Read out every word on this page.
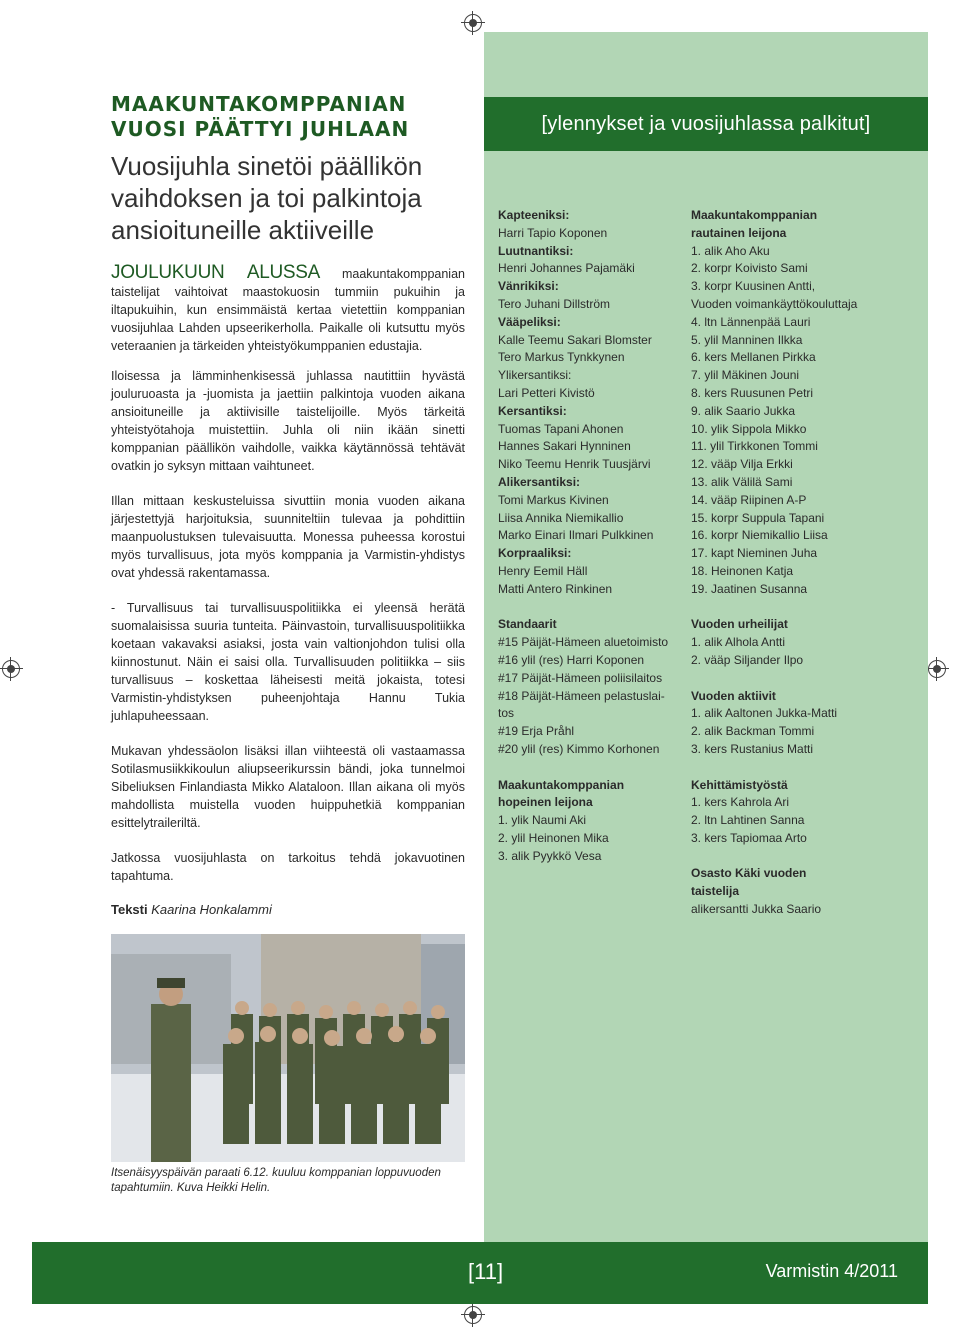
[ylennykset ja vuosijuhlassa palkitut]

MAAKUNTAKOMPPANIAN

VUOSI PÄÄTTYI JUHLAAN

Vuosijuhla sinetöi päällikön vaihdoksen ja toi palkintoja ansioituneille aktiiveille

JOULUKUUN ALUSSA maakuntakomppanian taistelijat vaihtoivat maastokuosin tummiin pukuihin ja iltapukuihin, kun ensimmäistä kertaa vietettiin komppanian vuosijuhlaa Lahden upseerikerholla. Paikalle oli kutsuttu myös veteraanien ja tärkeiden yhteistyökumppanien edustajia.

Iloisessa ja lämminhenkisessä juhlassa nautittiin hyvästä jouluruoasta ja -juomista ja jaettiin palkintoja vuoden aikana ansioituneille ja aktiivisille taistelijoille. Myös tärkeitä yhteistyötahoja muistettiin. Juhla oli niin ikään sinetti komppanian päällikön vaihdolle, vaikka käytännössä tehtävät ovatkin jo syksyn mittaan vaihtuneet.

Illan mittaan keskusteluissa sivuttiin monia vuoden aikana järjestettyjä harjoituksia, suunniteltiin tulevaa ja pohdittiin maanpuolustuksen tulevaisuutta. Monessa puheessa korostui myös turvallisuus, jota myös komppania ja Varmistin-yhdistys ovat yhdessä rakentamassa.

- Turvallisuus tai turvallisuuspolitiikka ei yleensä herätä suomalaisissa suuria tunteita. Päinvastoin, turvallisuuspolitiikka koetaan vakavaksi asiaksi, josta vain valtionjohdon tulisi olla kiinnostunut. Näin ei saisi olla. Turvallisuuden politiikka – siis turvallisuus – koskettaa läheisesti meitä jokaista, totesi Varmistin-yhdistyksen puheenjohtaja Hannu Tukia juhlapuheessaan.

Mukavan yhdessäolon lisäksi illan viihteestä oli vastaamassa Sotilasmusiikkikoulun aliupseerikurssin bändi, joka tunnelmoi Sibeliuksen Finlandiasta Mikko Alataloon. Illan aikana oli myös mahdollista muistella vuoden huippuhetkiä komppanian esittelytraileriltä.

Jatkossa vuosijuhlasta on tarkoitus tehdä jokavuotinen tapahtuma.

Teksti Kaarina Honkalammi
Itsenäisyyspäivän paraati 6.12. kuuluu komppanian loppuvuoden tapahtumiin. Kuva Heikki Helin.
Kapteeniksi:
Harri Tapio Koponen
Luutnantiksi:
Henri Johannes Pajamäki
Vänrikiksi:
Tero Juhani Dillström
Vääpeliksi:
Kalle Teemu Sakari Blomster
Tero Markus Tynkkynen
Ylikersantiksi:
Lari Petteri Kivistö
Kersantiksi:
Tuomas Tapani Ahonen
Hannes Sakari Hynninen
Niko Teemu Henrik Tuusjärvi
Alikersantiksi:
Tomi Markus Kivinen
Liisa Annika Niemikallio
Marko Einari Ilmari Pulkkinen
Korpraaliksi:
Henry Eemil Häll
Matti Antero Rinkinen
Standaarit
#15 Päijät-Hämeen aluetoimisto
#16 ylil (res) Harri Koponen
#17 Päijät-Hämeen poliisilaitos
#18 Päijät-Hämeen pelastuslai-
tos
#19 Erja Pråhl
#20 ylil (res) Kimmo Korhonen
Maakuntakomppanian
hopeinen leijona
1. ylik Naumi Aki
2. ylil Heinonen Mika
3. alik Pyykkö Vesa
Maakuntakomppanian
rautainen leijona
1. alik Aho Aku
2. korpr Koivisto Sami
3. korpr Kuusinen Antti,
Vuoden voimankäyttökouluttaja
4. ltn Lännenpää Lauri
5. ylil Manninen Ilkka
6. kers Mellanen Pirkka
7. ylil Mäkinen Jouni
8. kers Ruusunen Petri
9. alik Saario Jukka
10. ylik Sippola Mikko
11. ylil Tirkkonen Tommi
12. vääp Vilja Erkki
13. alik Välilä Sami
14. vääp Riipinen A-P
15. korpr Suppula Tapani
16. korpr Niemikallio Liisa
17. kapt Nieminen Juha
18. Heinonen Katja
19. Jaatinen Susanna
Vuoden urheilijat
1. alik Alhola Antti
2. vääp Siljander Ilpo
Vuoden aktiivit
1. alik Aaltonen Jukka-Matti
2. alik Backman Tommi
3. kers Rustanius Matti
Kehittämistyöstä
1. kers Kahrola Ari
2. ltn Lahtinen Sanna
3. kers Tapiomaa Arto
Osasto Käki vuoden
taistelija
alikersantti Jukka Saario
[11]	Varmistin 4/2011
